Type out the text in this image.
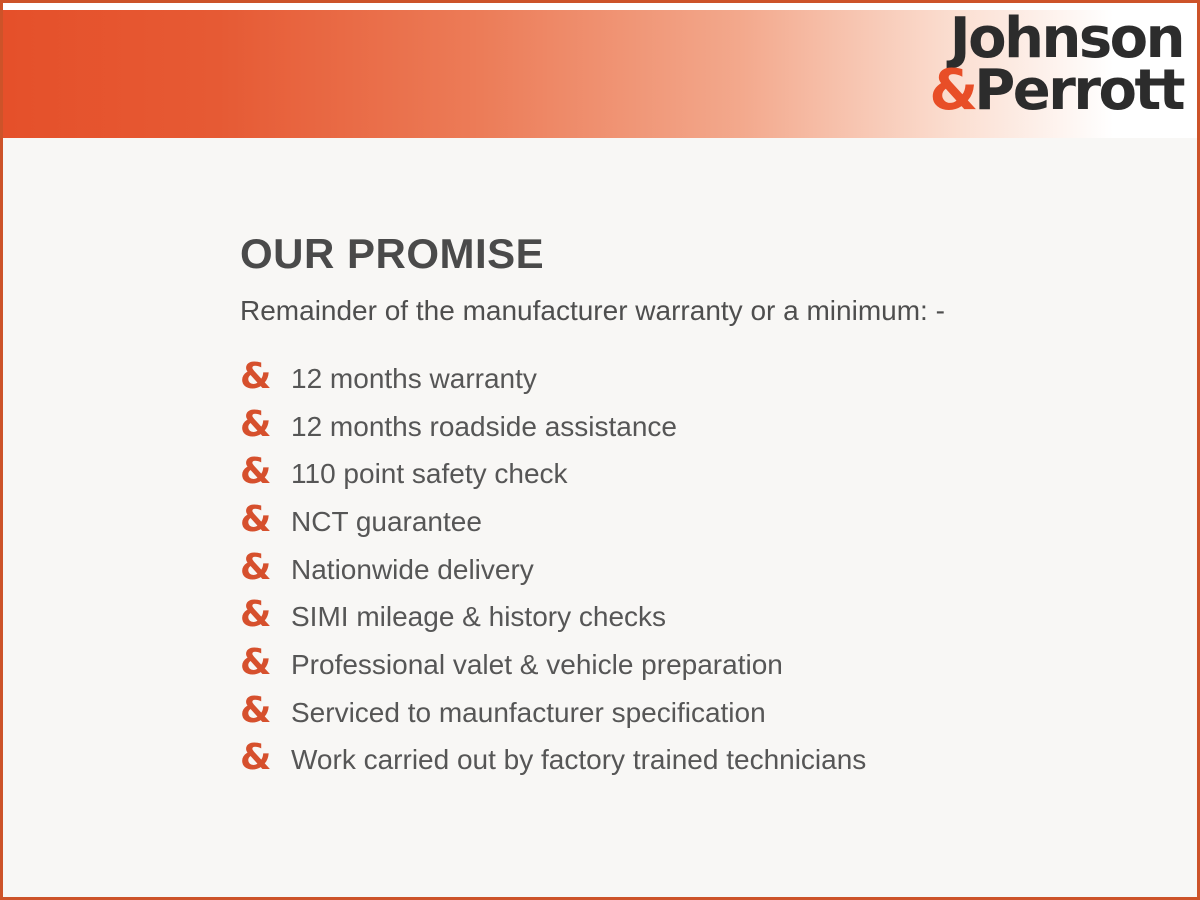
Johnson
&Perrott
OUR PROMISE

Remainder of the manufacturer warranty or a minimum: -

& 12 months warranty
& 12 months roadside assistance
& 110 point safety check
& NCT guarantee
& Nationwide delivery
& SIMI mileage & history checks
& Professional valet & vehicle preparation
& Serviced to maunfacturer specification
& Work carried out by factory trained technicians
